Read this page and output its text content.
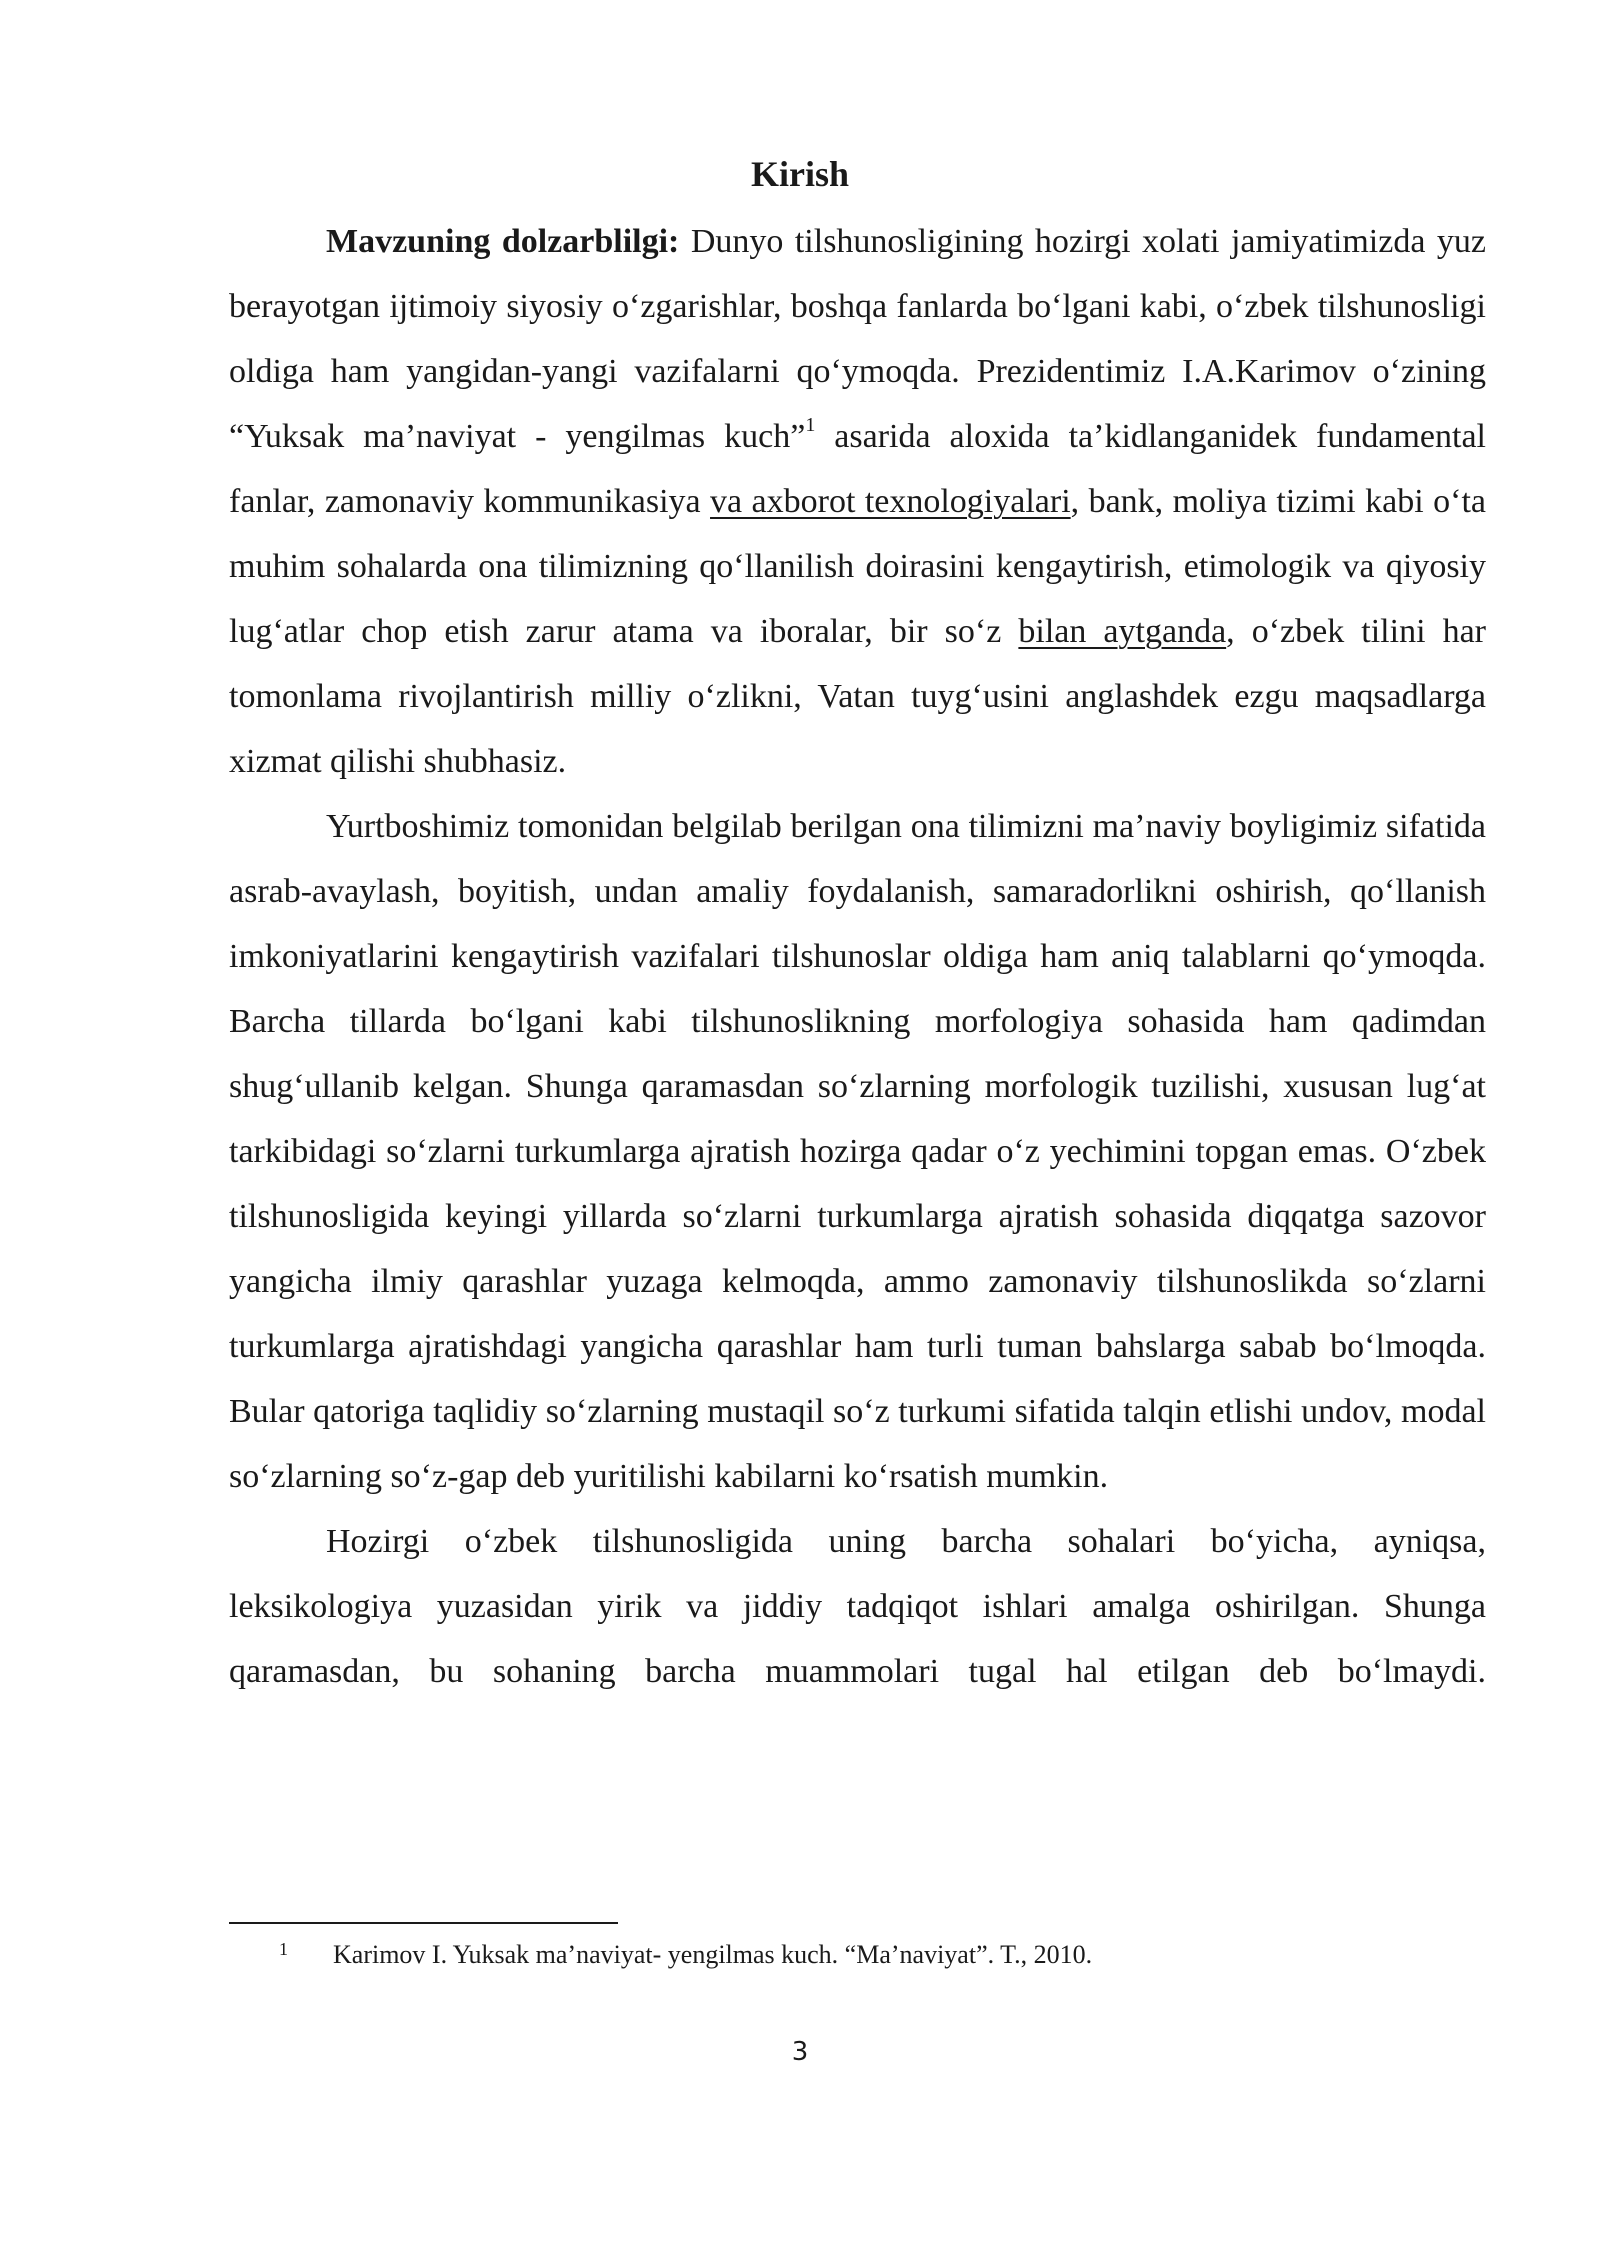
Kirish

Mavzuning dolzarblilgi: Dunyo tilshunosligining hozirgi xolati jamiyatimizda yuz berayotgan ijtimoiy siyosiy o‘zgarishlar, boshqa fanlarda bo‘lgani kabi, o‘zbek tilshunosligi oldiga ham yangidan-yangi vazifalarni qo‘ymoqda. Prezidentimiz I.A.Karimov o‘zining “Yuksak ma’naviyat - yengilmas kuch”$^1$ asarida aloxida ta’kidlanganidek fundamental fanlar, zamonaviy kommunikasiya va axborot texnologiyalari, bank, moliya tizimi kabi o‘ta muhim sohalarda ona tilimizning qo‘llanilish doirasini kengaytirish, etimologik va qiyosiy lug‘atlar chop etish zarur atama va iboralar, bir so‘z bilan aytganda, o‘zbek tilini har tomonlama rivojlantirish milliy o‘zlikni, Vatan tuyg‘usini anglashdek ezgu maqsadlarga xizmat qilishi shubhasiz.

Yurtboshimiz tomonidan belgilab berilgan ona tilimizni ma’naviy boyligimiz sifatida asrab-avaylash, boyitish, undan amaliy foydalanish, samaradorlikni oshirish, qo‘llanish imkoniyatlarini kengaytirish vazifalari tilshunoslar oldiga ham aniq talablarni qo‘ymoqda. Barcha tillarda bo‘lgani kabi tilshunoslikning morfologiya sohasida ham qadimdan shug‘ullanib kelgan. Shunga qaramasdan so‘zlarning morfologik tuzilishi, xususan lug‘at tarkibidagi so‘zlarni turkumlarga ajratish hozirga qadar o‘z yechimini topgan emas. O‘zbek tilshunosligida keyingi yillarda so‘zlarni turkumlarga ajratish sohasida diqqatga sazovor yangicha ilmiy qarashlar yuzaga kelmoqda, ammo zamonaviy tilshunoslikda so‘zlarni turkumlarga ajratishdagi yangicha qarashlar ham turli tuman bahslarga sabab bo‘lmoqda. Bular qatoriga taqlidiy so‘zlarning mustaqil so‘z turkumi sifatida talqin etlishi undov, modal so‘zlarning so‘z-gap deb yuritilishi kabilarni ko‘rsatish mumkin.

Hozirgi o‘zbek tilshunosligida uning barcha sohalari bo‘yicha, ayniqsa, leksikologiya yuzasidan yirik va jiddiy tadqiqot ishlari amalga oshirilgan. Shunga qaramasdan, bu sohaning barcha muammolari tugal hal etilgan deb bo‘lmaydi.

1 Karimov I. Yuksak ma’naviyat- yengilmas kuch. “Ma’naviyat”. T., 2010.
3
